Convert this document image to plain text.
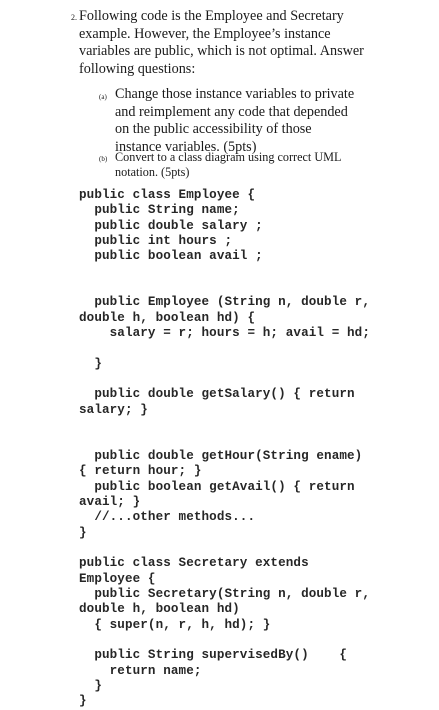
2. Following code is the Employee and Secretary example. However, the Employee’s instance variables are public, which is not optimal. Answer following questions:
(a) Change those instance variables to private and reimplement any code that depended on the public accessibility of those instance variables. (5pts)
(b) Convert to a class diagram using correct UML notation. (5pts)
public class Employee {
public String name;
public double salary ;
public int hours ;
public boolean avail ;

public Employee (String n, double r,
double h, boolean hd) {
salary = r; hours = h; avail = hd;

}

public double getSalary() { return
salary; }

public double getHour(String ename)
{ return hour; }
public boolean getAvail() { return
avail; }
//...other methods...
}

public class Secretary extends
Employee {
public Secretary(String n, double r,
double h, boolean hd)
{ super(n, r, h, hd); }

public String supervisedBy()    {
return name;
}
}
